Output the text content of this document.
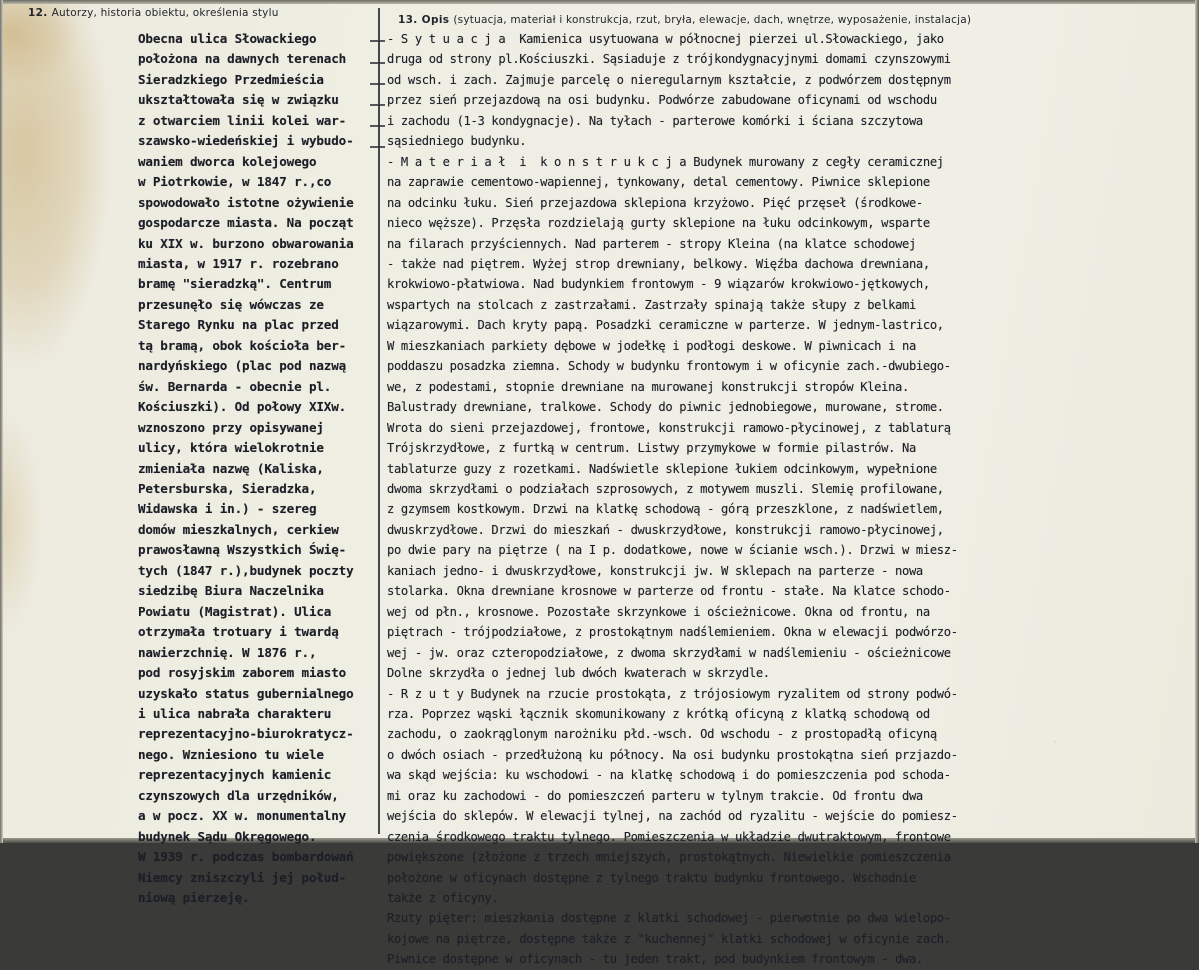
12. Autorzy, historia obiektu, określenia stylu
13. Opis (sytuacja, materiał i konstrukcja, rzut, bryła, elewacje, dach, wnętrze, wyposażenie, instalacja)
Obecna ulica Słowackiego
położona na dawnych terenach
Sieradzkiego Przedmieścia
ukształtowała się w związku
z otwarciem linii kolei war-
szawsko-wiedeńskiej i wybudo-
waniem dworca kolejowego
w Piotrkowie, w 1847 r.,co
spowodowało istotne ożywienie
gospodarcze miasta. Na począt
ku XIX w. burzono obwarowania
miasta, w 1917 r. rozebrano
bramę "sieradzką". Centrum
przesunęło się wówczas ze
Starego Rynku na plac przed
tą bramą, obok kościoła ber-
nardyńskiego (plac pod nazwą
św. Bernarda - obecnie pl.
Kościuszki). Od połowy XIXw.
wznoszono przy opisywanej
ulicy, która wielokrotnie
zmieniała nazwę (Kaliska,
Petersburska, Sieradzka,
Widawska i in.) - szereg
domów mieszkalnych, cerkiew
prawosławną Wszystkich Świę-
tych (1847 r.),budynek poczty
siedzibę Biura Naczelnika
Powiatu (Magistrat). Ulica
otrzymała trotuary i twardą
nawierzchnię. W 1876 r.,
pod rosyjskim zaborem miasto
uzyskało status gubernialnego
i ulica nabrała charakteru
reprezentacyjno-biurokratycz-
nego. Wzniesiono tu wiele
reprezentacyjnych kamienic
czynszowych dla urzędników,
a w pocz. XX w. monumentalny
budynek Sądu Okręgowego.
W 1939 r. podczas bombardowań
Niemcy zniszczyli jej połud-
niową pierzeję.
- S y t u a c j a  Kamienica usytuowana w północnej pierzei ul.Słowackiego, jako
druga od strony pl.Kościuszki. Sąsiaduje z trójkondygnacyjnymi domami czynszowymi
od wsch. i zach. Zajmuje parcelę o nieregularnym kształcie, z podwórzem dostępnym
przez sień przejazdową na osi budynku. Podwórze zabudowane oficynami od wschodu
i zachodu (1-3 kondygnacje). Na tyłach - parterowe komórki i ściana szczytowa
sąsiedniego budynku.
- M a t e r i a ł  i  k o n s t r u k c j a Budynek murowany z cegły ceramicznej
na zaprawie cementowo-wapiennej, tynkowany, detal cementowy. Piwnice sklepione
na odcinku łuku. Sień przejazdowa sklepiona krzyżowo. Pięć przęseł (środkowe-
nieco węższe). Przęsła rozdzielają gurty sklepione na łuku odcinkowym, wsparte
na filarach przyściennych. Nad parterem - stropy Kleina (na klatce schodowej
- także nad piętrem. Wyżej strop drewniany, belkowy. Więźba dachowa drewniana,
krokwiowo-płatwiowa. Nad budynkiem frontowym - 9 wiązarów krokwiowo-jętkowych,
wspartych na stolcach z zastrzałami. Zastrzały spinają także słupy z belkami
wiązarowymi. Dach kryty papą. Posadzki ceramiczne w parterze. W jednym-lastrico,
W mieszkaniach parkiety dębowe w jodełkę i podłogi deskowe. W piwnicach i na
poddaszu posadzka ziemna. Schody w budynku frontowym i w oficynie zach.-dwubiego-
we, z podestami, stopnie drewniane na murowanej konstrukcji stropów Kleina.
Balustrady drewniane, tralkowe. Schody do piwnic jednobiegowe, murowane, strome.
Wrota do sieni przejazdowej, frontowe, konstrukcji ramowo-płycinowej, z tablaturą
Trójskrzydłowe, z furtką w centrum. Listwy przymykowe w formie pilastrów. Na
tablaturze guzy z rozetkami. Nadświetle sklepione łukiem odcinkowym, wypełnione
dwoma skrzydłami o podziałach szprosowych, z motywem muszli. Slemię profilowane,
z gzymsem kostkowym. Drzwi na klatkę schodową - górą przeszklone, z nadświetlem,
dwuskrzydłowe. Drzwi do mieszkań - dwuskrzydłowe, konstrukcji ramowo-płycinowej,
po dwie pary na piętrze ( na I p. dodatkowe, nowe w ścianie wsch.). Drzwi w miesz-
kaniach jedno- i dwuskrzydłowe, konstrukcji jw. W sklepach na parterze - nowa
stolarka. Okna drewniane krosnowe w parterze od frontu - stałe. Na klatce schodo-
wej od płn., krosnowe. Pozostałe skrzynkowe i ościeżnicowe. Okna od frontu, na
piętrach - trójpodziałowe, z prostokątnym nadślemieniem. Okna w elewacji podwórzo-
wej - jw. oraz czteropodziałowe, z dwoma skrzydłami w nadślemieniu - ościeżnicowe
Dolne skrzydła o jednej lub dwóch kwaterach w skrzydle.
- R z u t y Budynek na rzucie prostokąta, z trójosiowym ryzalitem od strony podwó-
rza. Poprzez wąski łącznik skomunikowany z krótką oficyną z klatką schodową od
zachodu, o zaokrąglonym narożniku płd.-wsch. Od wschodu - z prostopadłą oficyną
o dwóch osiach - przedłużoną ku północy. Na osi budynku prostokątna sień przjazdo-
wa skąd wejścia: ku wschodowi - na klatkę schodową i do pomieszczenia pod schoda-
mi oraz ku zachodowi - do pomieszczeń parteru w tylnym trakcie. Od frontu dwa
wejścia do sklepów. W elewacji tylnej, na zachód od ryzalitu - wejście do pomiesz-
czenia środkowego traktu tylnego. Pomieszczenia w układzie dwutraktowym, frontowe
powiększone (złożone z trzech mniejszych, prostokątnych. Niewielkie pomieszczenia
położone w oficynach dostępne z tylnego traktu budynku frontowego. Wschodnie
także z oficyny.
Rzuty pięter: mieszkania dostępne z klatki schodowej - pierwotnie po dwa wielopo-
kojowe na piętrze, dostępne także z "kuchennej" klatki schodowej w oficynie zach.
Piwnice dostępne w oficynach - tu jeden trakt, pod budynkiem frontowym - dwa.
